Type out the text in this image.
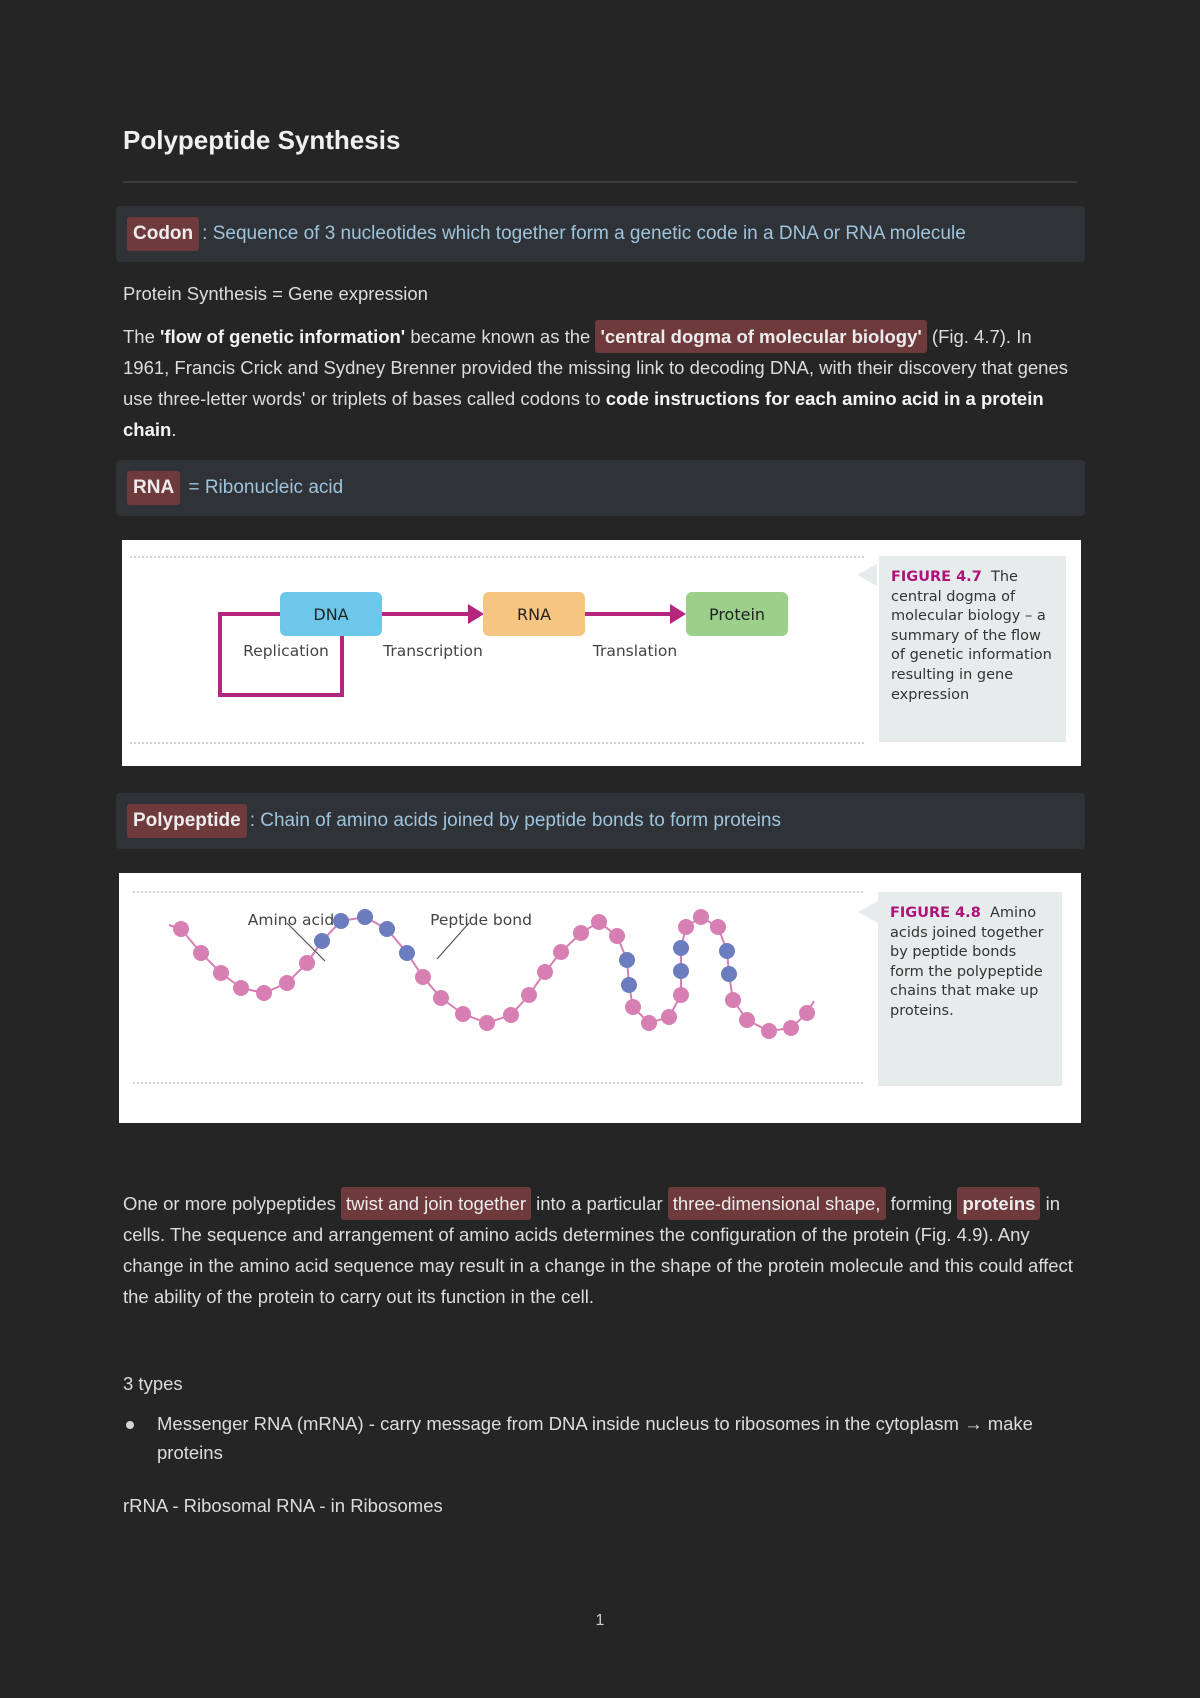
Polypeptide Synthesis
Codon :
Sequence of 3 nucleotides which together form a genetic code in a DNA or RNA molecule
Protein Synthesis = Gene expression
The 'flow of genetic information' became known as the 'central dogma of molecular biology' (Fig. 4.7). In 1961, Francis Crick and Sydney Brenner provided the missing link to decoding DNA, with their discovery that genes use three-letter words' or triplets of bases called codons to code instructions for each amino acid in a protein chain.
RNA
= Ribonucleic acid
DNA	RNA	Protein
Replication	Transcription	Translation
FIGURE 4.7 The central dogma of molecular biology – a summary of the flow of genetic information resulting in gene expression
Polypeptide :
Chain of amino acids joined by peptide bonds to form proteins
Amino acid	Peptide bond	FIGURE 4.8 Amino acids joined together by peptide bonds form the polypeptide chains that make up proteins.
One or more polypeptides twist and join together into a particular three-dimensional shape, forming proteins in cells. The sequence and arrangement of amino acids determines the configuration of the protein (Fig. 4.9). Any change in the amino acid sequence may result in a change in the shape of the protein molecule and this could affect the ability of the protein to carry out its function in the cell.
3 types
Messenger RNA (mRNA) - carry message from DNA inside nucleus to ribosomes in the cytoplasm → make proteins
rRNA - Ribosomal RNA - in Ribosomes
1
